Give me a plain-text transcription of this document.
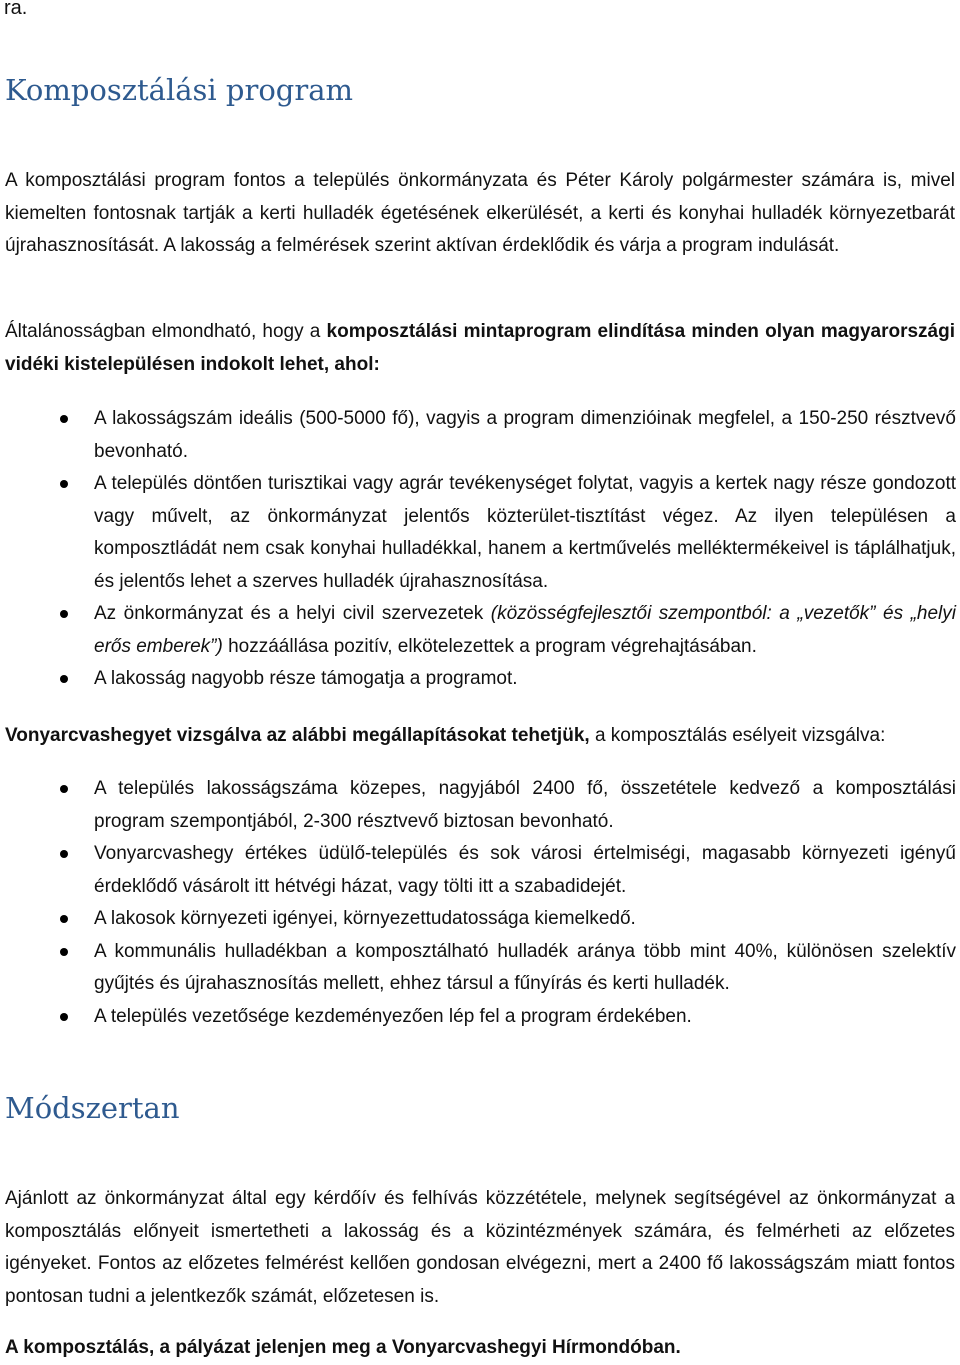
ra.

Komposztálási program

A komposztálási program fontos a település önkormányzata és Péter Károly polgármester számára is, mivel kiemelten fontosnak tartják a kerti hulladék égetésének elkerülését, a kerti és konyhai hulladék környezetbarát újrahasznosítását. A lakosság a felmérések szerint aktívan érdeklődik és várja a program indulását.

Általánosságban elmondható, hogy a komposztálási mintaprogram elindítása minden olyan magyarországi vidéki kistelepülésen indokolt lehet, ahol:

A lakosságszám ideális (500-5000 fő), vagyis a program dimenzióinak megfelel, a 150-250 résztvevő bevonható.
A település döntően turisztikai vagy agrár tevékenységet folytat, vagyis a kertek nagy része gondozott vagy művelt, az önkormányzat jelentős közterület-tisztítást végez. Az ilyen településen a komposztládát nem csak konyhai hulladékkal, hanem a kertművelés melléktermékeivel is táplálhatjuk, és jelentős lehet a szerves hulladék újrahasznosítása.
Az önkormányzat és a helyi civil szervezetek (közösségfejlesztői szempontból: a „vezetők” és „helyi erős emberek”) hozzáállása pozitív, elkötelezettek a program végrehajtásában.
A lakosság nagyobb része támogatja a programot.

Vonyarcvashegyet vizsgálva az alábbi megállapításokat tehetjük, a komposztálás esélyeit vizsgálva:

A település lakosságszáma közepes, nagyjából 2400 fő, összetétele kedvező a komposztálási program szempontjából, 2-300 résztvevő biztosan bevonható.
Vonyarcvashegy értékes üdülő-település és sok városi értelmiségi, magasabb környezeti igényű érdeklődő vásárolt itt hétvégi házat, vagy tölti itt a szabadidejét.
A lakosok környezeti igényei, környezettudatossága kiemelkedő.
A kommunális hulladékban a komposztálható hulladék aránya több mint 40%, különösen szelektív gyűjtés és újrahasznosítás mellett, ehhez társul a fűnyírás és kerti hulladék.
A település vezetősége kezdeményezően lép fel a program érdekében.
Módszertan

Ajánlott az önkormányzat által egy kérdőív és felhívás közzététele, melynek segítségével az önkormányzat a komposztálás előnyeit ismertetheti a lakosság és a közintézmények számára, és felmérheti az előzetes igényeket. Fontos az előzetes felmérést kellően gondosan elvégezni, mert a 2400 fő lakosságszám miatt fontos pontosan tudni a jelentkezők számát, előzetesen is.

A komposztálás, a pályázat jelenjen meg a Vonyarcvashegyi Hírmondóban.
